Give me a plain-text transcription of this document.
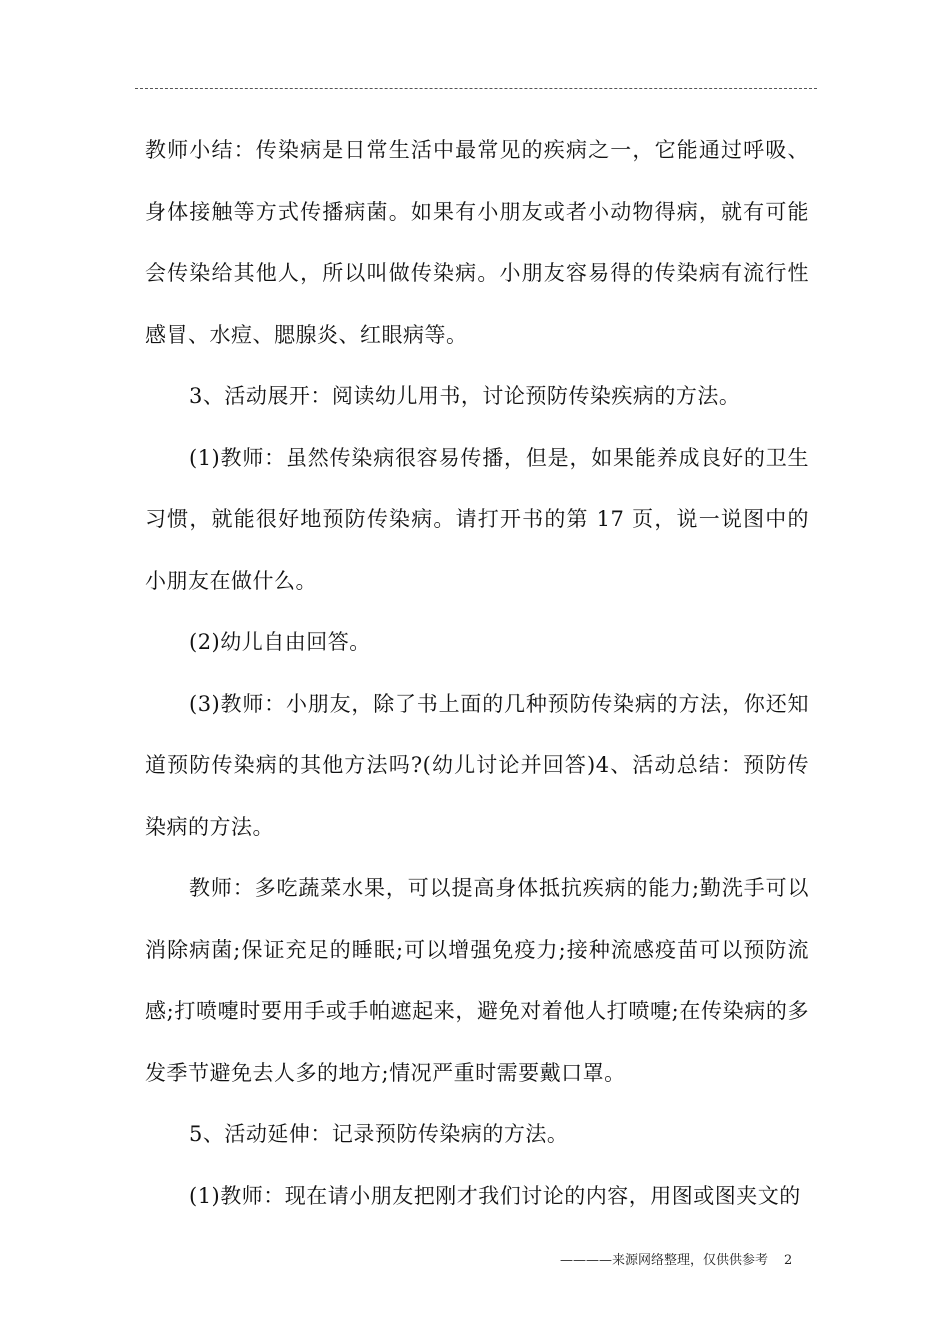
教师小结：传染病是日常生活中最常见的疾病之一，它能通过呼吸、身体接触等方式传播病菌。如果有小朋友或者小动物得病，就有可能会传染给其他人，所以叫做传染病。小朋友容易得的传染病有流行性感冒、水痘、腮腺炎、红眼病等。

3、活动展开：阅读幼儿用书，讨论预防传染疾病的方法。

(1)教师：虽然传染病很容易传播，但是，如果能养成良好的卫生习惯，就能很好地预防传染病。请打开书的第 17 页，说一说图中的小朋友在做什么。

(2)幼儿自由回答。

(3)教师：小朋友，除了书上面的几种预防传染病的方法，你还知道预防传染病的其他方法吗?(幼儿讨论并回答)4、活动总结：预防传染病的方法。

教师：多吃蔬菜水果，可以提高身体抵抗疾病的能力;勤洗手可以消除病菌;保证充足的睡眠;可以增强免疫力;接种流感疫苗可以预防流感;打喷嚏时要用手或手帕遮起来，避免对着他人打喷嚏;在传染病的多发季节避免去人多的地方;情况严重时需要戴口罩。

5、活动延伸：记录预防传染病的方法。

(1)教师：现在请小朋友把刚才我们讨论的内容，用图或图夹文的

————来源网络整理，仅供供参考 2
